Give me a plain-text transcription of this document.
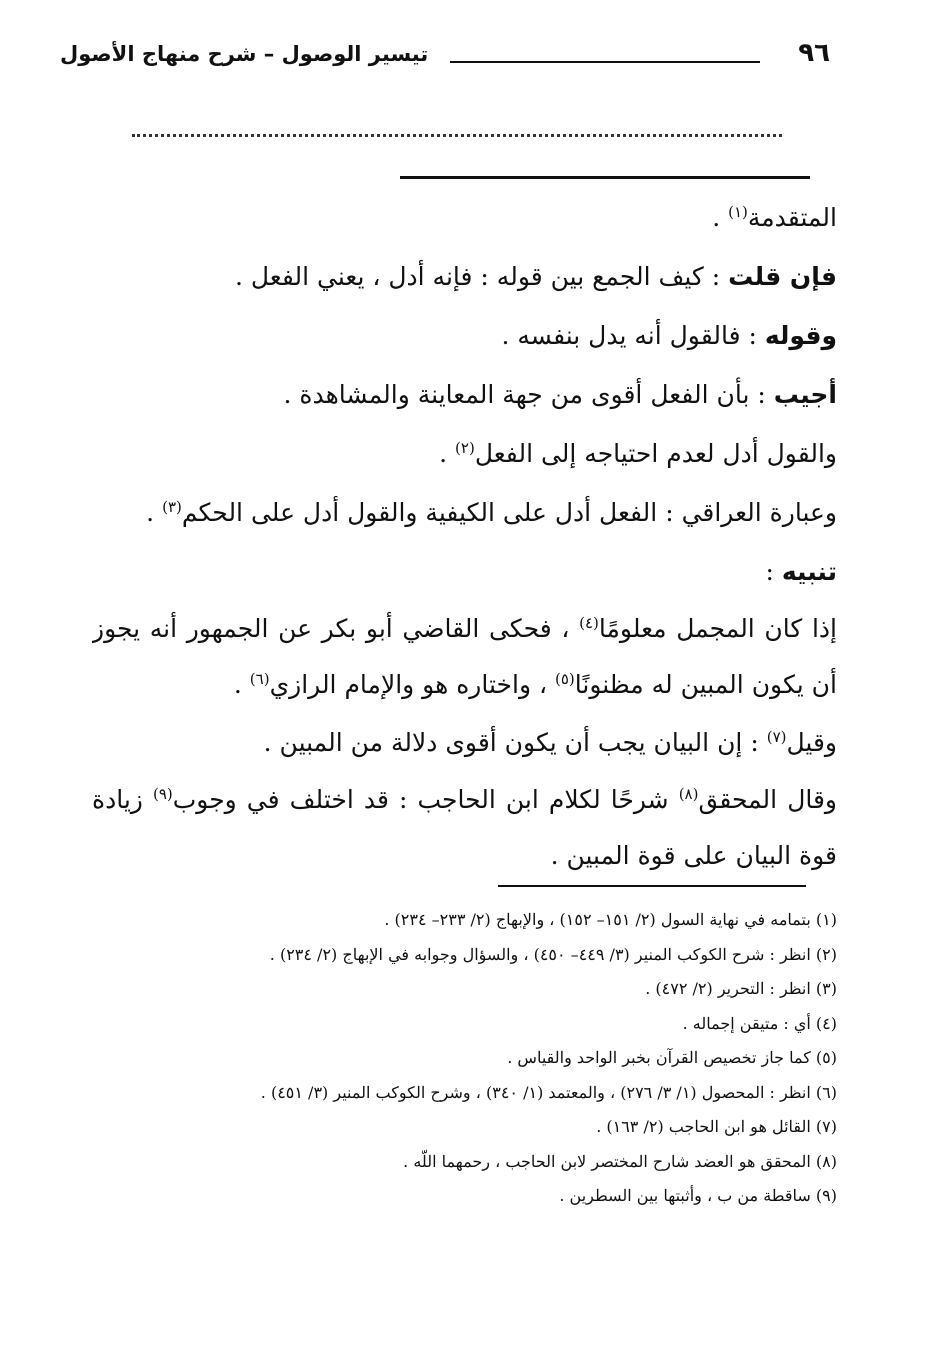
٩٦
تيسير الوصول – شرح منهاج الأصول

المتقدمة$^{(١)}$ .

فإن قلت : كيف الجمع بين قوله : فإنه أدل ، يعني الفعل .

وقوله : فالقول أنه يدل بنفسه .

أجيب : بأن الفعل أقوى من جهة المعاينة والمشاهدة .

والقول أدل لعدم احتياجه إلى الفعل$^{(٢)}$ .

وعبارة العراقي : الفعل أدل على الكيفية والقول أدل على الحكم$^{(٣)}$ .

تنبيه :

إذا كان المجمل معلومًا$^{(٤)}$ ، فحكى القاضي أبو بكر عن الجمهور أنه يجوز أن يكون المبين له مظنونًا$^{(٥)}$ ، واختاره هو والإمام الرازي$^{(٦)}$ .

وقيل$^{(٧)}$ : إن البيان يجب أن يكون أقوى دلالة من المبين .

وقال المحقق$^{(٨)}$ شرحًا لكلام ابن الحاجب : قد اختلف في وجوب$^{(٩)}$ زيادة قوة البيان على قوة المبين .

(١) بتمامه في نهاية السول (٢/ ١٥١– ١٥٢) ، والإبهاج (٢/ ٢٣٣– ٢٣٤) .

(٢) انظر : شرح الكوكب المنير (٣/ ٤٤٩– ٤٥٠) ، والسؤال وجوابه في الإبهاج (٢/ ٢٣٤) .

(٣) انظر : التحرير (٢/ ٤٧٢) .

(٤) أي : متيقن إجماله .

(٥) كما جاز تخصيص القرآن بخبر الواحد والقياس .

(٦) انظر : المحصول (١/ ٣/ ٢٧٦) ، والمعتمد (١/ ٣٤٠) ، وشرح الكوكب المنير (٣/ ٤٥١) .

(٧) القائل هو ابن الحاجب (٢/ ١٦٣) .

(٨) المحقق هو العضد شارح المختصر لابن الحاجب ، رحمهما اللّه .

(٩) ساقطة من ب ، وأثبتها بين السطرين .
